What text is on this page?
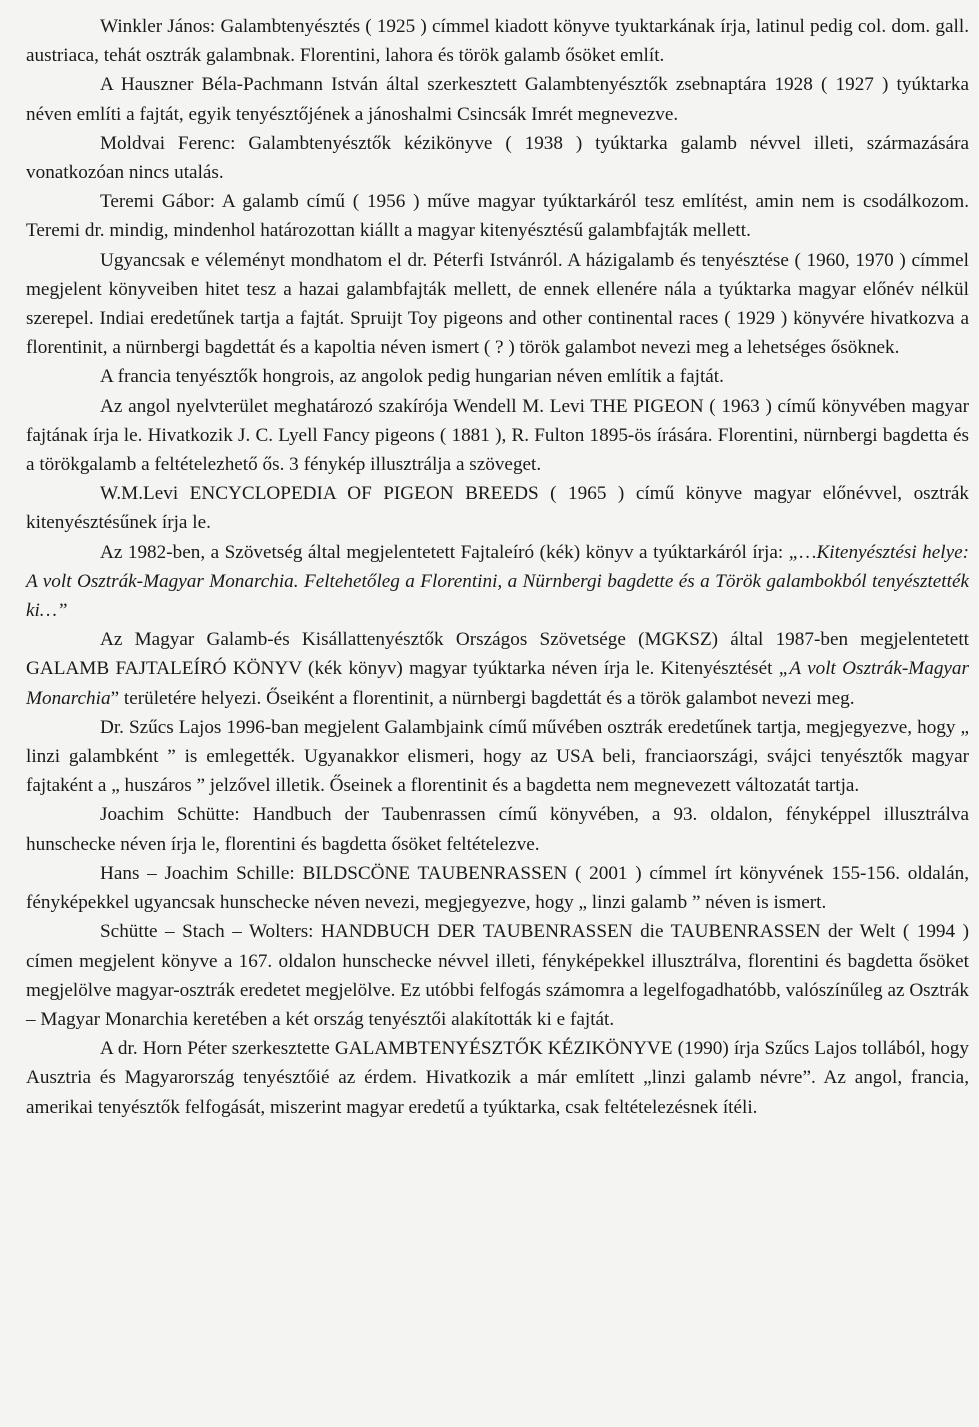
Winkler János: Galambtenyésztés ( 1925 ) címmel kiadott könyve tyuktarkának írja, latinul pedig col. dom. gall. austriaca, tehát osztrák galambnak. Florentini, lahora és török galamb ősöket említ.

A Hauszner Béla-Pachmann István által szerkesztett Galambtenyésztők zsebnaptára 1928 ( 1927 ) tyúktarka néven említi a fajtát, egyik tenyésztőjének a jánoshalmi Csincsák Imrét megnevezve.

Moldvai Ferenc: Galambtenyésztők kézikönyve ( 1938 ) tyúktarka galamb névvel illeti, származására vonatkozóan nincs utalás.

Teremi Gábor: A galamb című ( 1956 ) műve magyar tyúktarkáról tesz említést, amin nem is csodálkozom. Teremi dr. mindig, mindenhol határozottan kiállt a magyar kitenyésztésű galambfajták mellett.

Ugyancsak e véleményt mondhatom el dr. Péterfi Istvánról. A házigalamb és tenyésztése ( 1960, 1970 ) címmel megjelent könyveiben hitet tesz a hazai galambfajták mellett, de ennek ellenére nála a tyúktarka magyar előnév nélkül szerepel. Indiai eredetűnek tartja a fajtát. Spruijt Toy pigeons and other continental races ( 1929 ) könyvére hivatkozva a florentinit, a nürnbergi bagdettát és a kapoltia néven ismert ( ? ) török galambot nevezi meg a lehetséges ősöknek.

A francia tenyésztők hongrois, az angolok pedig hungarian néven említik a fajtát.

Az angol nyelvterület meghatározó szakírója Wendell M. Levi THE PIGEON ( 1963 ) című könyvében magyar fajtának írja le. Hivatkozik J. C. Lyell Fancy pigeons ( 1881 ), R. Fulton 1895-ös írására. Florentini, nürnbergi bagdetta és a törökgalamb a feltételezhető ős. 3 fénykép illusztrálja a szöveget.

W.M.Levi ENCYCLOPEDIA OF PIGEON BREEDS ( 1965 ) című könyve magyar előnévvel, osztrák kitenyésztésűnek írja le.

Az 1982-ben, a Szövetség által megjelentetett Fajtaleíró (kék) könyv a tyúktarkáról írja: „…Kitenyésztési helye: A volt Osztrák-Magyar Monarchia. Feltehetőleg a Florentini, a Nürnbergi bagdette és a Török galambokból tenyésztették ki…”

Az Magyar Galamb-és Kisállattenyésztők Országos Szövetsége (MGKSZ) által 1987-ben megjelentetett GALAMB FAJTALEÍRÓ KÖNYV (kék könyv) magyar tyúktarka néven írja le. Kitenyésztését „A volt Osztrák-Magyar Monarchia” területére helyezi. Őseiként a florentinit, a nürnbergi bagdettát és a török galambot nevezi meg.

Dr. Szűcs Lajos 1996-ban megjelent Galambjaink című művében osztrák eredetűnek tartja, megjegyezve, hogy „ linzi galambként ” is emlegették. Ugyanakkor elismeri, hogy az USA beli, franciaországi, svájci tenyésztők magyar fajtaként a „ huszáros ” jelzővel illetik. Őseinek a florentinit és a bagdetta nem megnevezett változatát tartja.

Joachim Schütte: Handbuch der Taubenrassen című könyvében, a 93. oldalon, fényképpel illusztrálva hunschecke néven írja le, florentini és bagdetta ősöket feltételezve.

Hans – Joachim Schille: BILDSCÖNE TAUBENRASSEN ( 2001 ) címmel írt könyvének 155-156. oldalán, fényképekkel ugyancsak hunschecke néven nevezi, megjegyezve, hogy „ linzi galamb ” néven is ismert.

Schütte – Stach – Wolters: HANDBUCH DER TAUBENRASSEN die TAUBENRASSEN der Welt ( 1994 ) címen megjelent könyve a 167. oldalon hunschecke névvel illeti, fényképekkel illusztrálva, florentini és bagdetta ősöket megjelölve magyar-osztrák eredetet megjelölve. Ez utóbbi felfogás számomra a legelfogadhatóbb, valószínűleg az Osztrák – Magyar Monarchia keretében a két ország tenyésztői alakították ki e fajtát.

A dr. Horn Péter szerkesztette GALAMBTENYÉSZTŐK KÉZIKÖNYVE (1990) írja Szűcs Lajos tollából, hogy Ausztria és Magyarország tenyésztőié az érdem. Hivatkozik a már említett „linzi galamb névre”. Az angol, francia, amerikai tenyésztők felfogását, miszerint magyar eredetű a tyúktarka, csak feltételezésnek ítéli.
